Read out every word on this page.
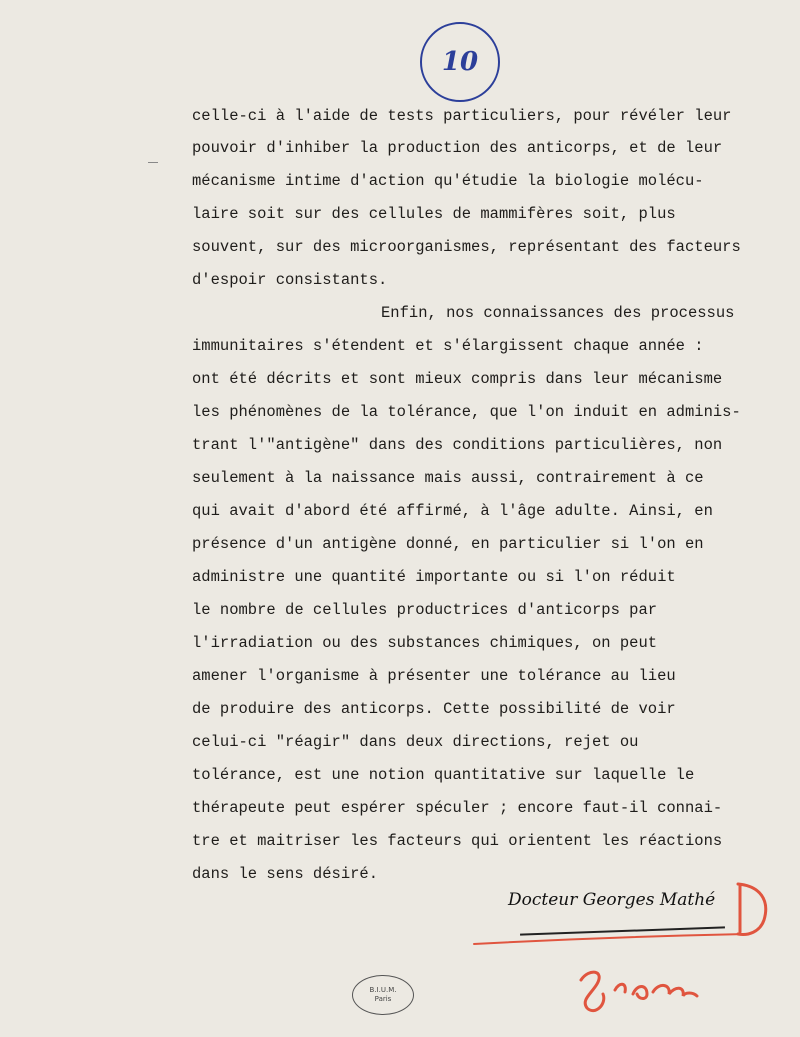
10
celle-ci à l'aide de tests particuliers, pour révéler leur
pouvoir d'inhiber la production des anticorps, et de leur
mécanisme intime d'action qu'étudie la biologie molécu-
laire soit sur des cellules de mammifères soit, plus
souvent, sur des microorganismes, représentant des facteurs
d'espoir consistants.
Enfin, nos connaissances des processus
immunitaires s'étendent et s'élargissent chaque année :
ont été décrits et sont mieux compris dans leur mécanisme
les phénomènes de la tolérance, que l'on induit en adminis-
trant l'"antigène" dans des conditions particulières, non
seulement à la naissance mais aussi, contrairement à ce
qui avait d'abord été affirmé, à l'âge adulte. Ainsi, en
présence d'un antigène donné, en particulier si l'on en
administre une quantité importante ou si l'on réduit
le nombre de cellules productrices d'anticorps par
l'irradiation ou des substances chimiques, on peut
amener l'organisme à présenter une tolérance au lieu
de produire des anticorps. Cette possibilité de voir
celui-ci "réagir" dans deux directions, rejet ou
tolérance, est une notion quantitative sur laquelle le
thérapeute peut espérer spéculer ; encore faut-il connai-
tre et maitriser les facteurs qui orientent les réactions
dans le sens désiré.
Docteur Georges Mathé
B.I.U.M.
Paris
